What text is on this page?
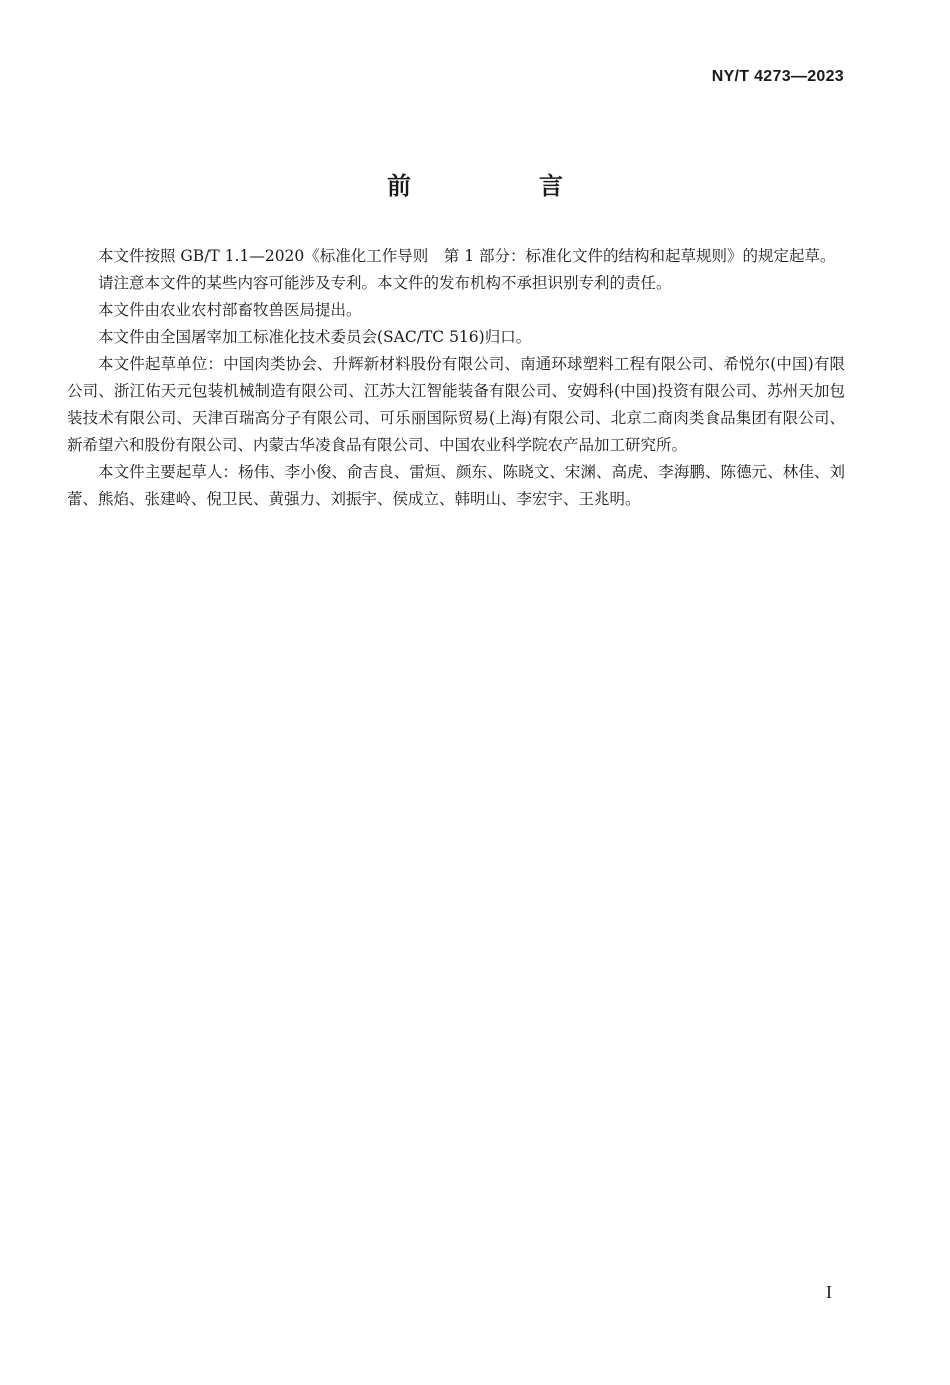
NY/T 4273—2023
前　言

本文件按照 GB/T 1.1—2020《标准化工作导则　第 1 部分：标准化文件的结构和起草规则》的规定起草。

请注意本文件的某些内容可能涉及专利。本文件的发布机构不承担识别专利的责任。

本文件由农业农村部畜牧兽医局提出。

本文件由全国屠宰加工标准化技术委员会(SAC/TC 516)归口。

本文件起草单位：中国肉类协会、升辉新材料股份有限公司、南通环球塑料工程有限公司、希悦尔(中国)有限公司、浙江佑天元包装机械制造有限公司、江苏大江智能装备有限公司、安姆科(中国)投资有限公司、苏州天加包装技术有限公司、天津百瑞高分子有限公司、可乐丽国际贸易(上海)有限公司、北京二商肉类食品集团有限公司、新希望六和股份有限公司、内蒙古华凌食品有限公司、中国农业科学院农产品加工研究所。

本文件主要起草人：杨伟、李小俊、俞吉良、雷烜、颜东、陈晓文、宋渊、高虎、李海鹏、陈德元、林佳、刘蕾、熊焰、张建岭、倪卫民、黄强力、刘振宇、侯成立、韩明山、李宏宇、王兆明。

I
